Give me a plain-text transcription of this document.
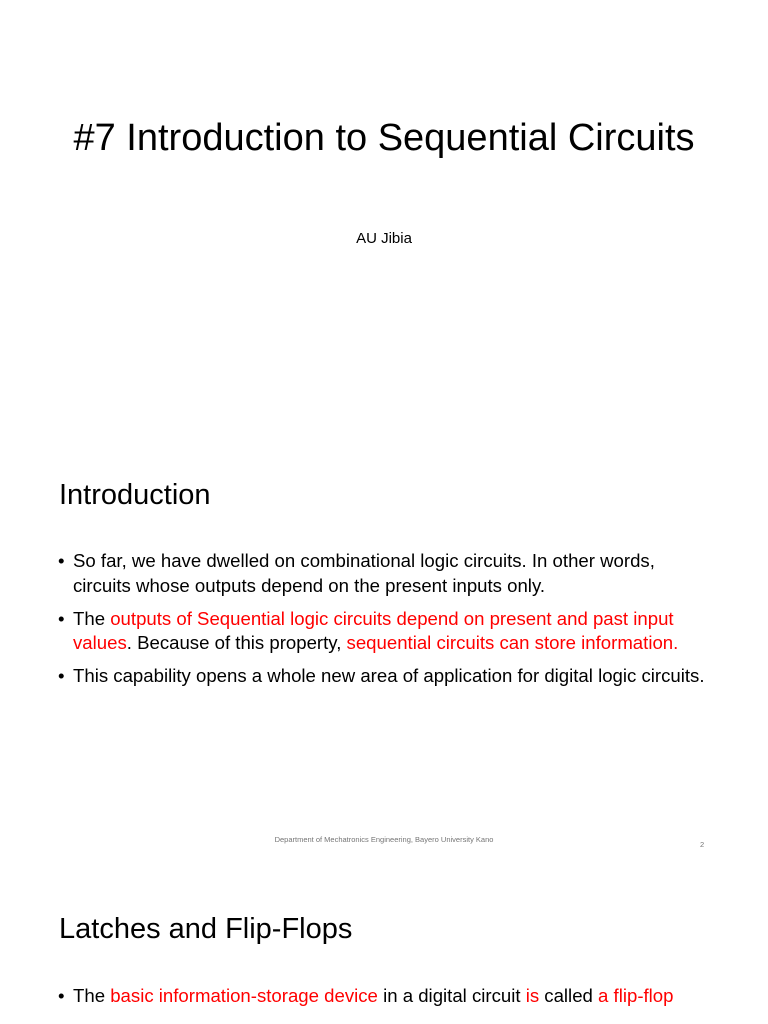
#7 Introduction to Sequential Circuits

AU Jibia

Introduction
• So far, we have dwelled on combinational logic circuits. In other words, circuits whose outputs depend on the present inputs only.
• The outputs of Sequential logic circuits depend on present and past input values. Because of this property, sequential circuits can store information.
• This capability opens a whole new area of application for digital logic circuits.

Department of Mechatronics Engineering, Bayero University Kano

2
Latches and Flip-Flops
• The basic information-storage device in a digital circuit is called a flip-flop
